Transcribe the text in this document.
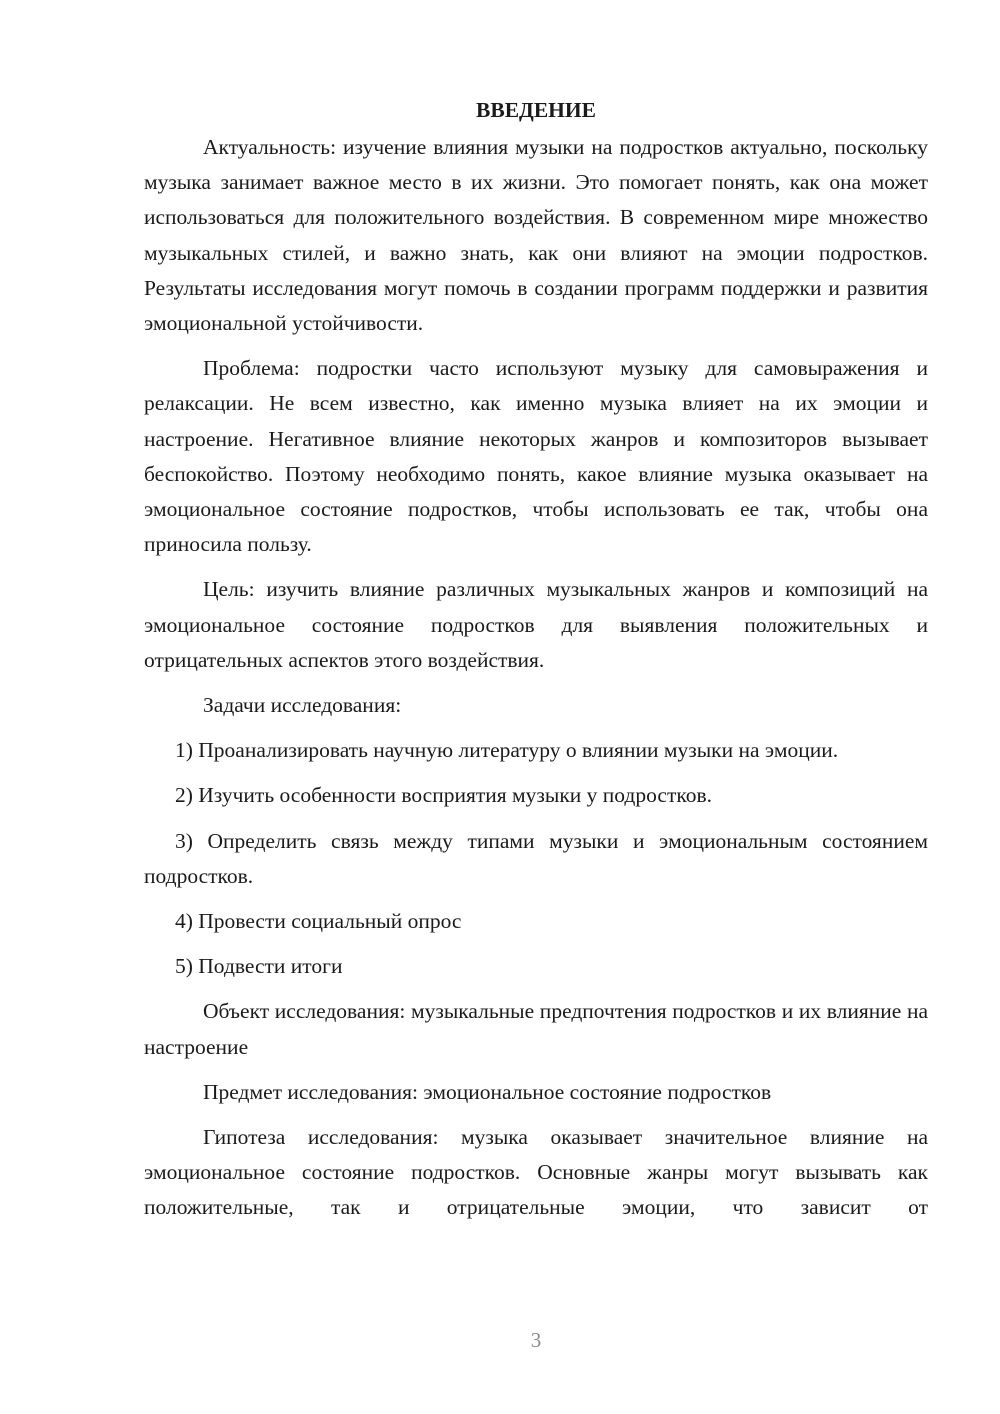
ВВЕДЕНИЕ

Актуальность: изучение влияния музыки на подростков актуально, поскольку музыка занимает важное место в их жизни. Это помогает понять, как она может использоваться для положительного воздействия. В современном мире множество музыкальных стилей, и важно знать, как они влияют на эмоции подростков. Результаты исследования могут помочь в создании программ поддержки и развития эмоциональной устойчивости.

Проблема: подростки часто используют музыку для самовыражения и релаксации. Не всем известно, как именно музыка влияет на их эмоции и настроение. Негативное влияние некоторых жанров и композиторов вызывает беспокойство. Поэтому необходимо понять, какое влияние музыка оказывает на эмоциональное состояние подростков, чтобы использовать ее так, чтобы она приносила пользу.

Цель: изучить влияние различных музыкальных жанров и композиций на эмоциональное состояние подростков для выявления положительных и отрицательных аспектов этого воздействия.

Задачи исследования:

1) Проанализировать научную литературу о влиянии музыки на эмоции.

2) Изучить особенности восприятия музыки у подростков.

3) Определить связь между типами музыки и эмоциональным состоянием подростков.

4) Провести социальный опрос

5) Подвести итоги

Объект исследования: музыкальные предпочтения подростков и их влияние на настроение

Предмет исследования: эмоциональное состояние подростков

Гипотеза исследования: музыка оказывает значительное влияние на эмоциональное состояние подростков. Основные жанры могут вызывать как положительные, так и отрицательные эмоции, что зависит от

3
